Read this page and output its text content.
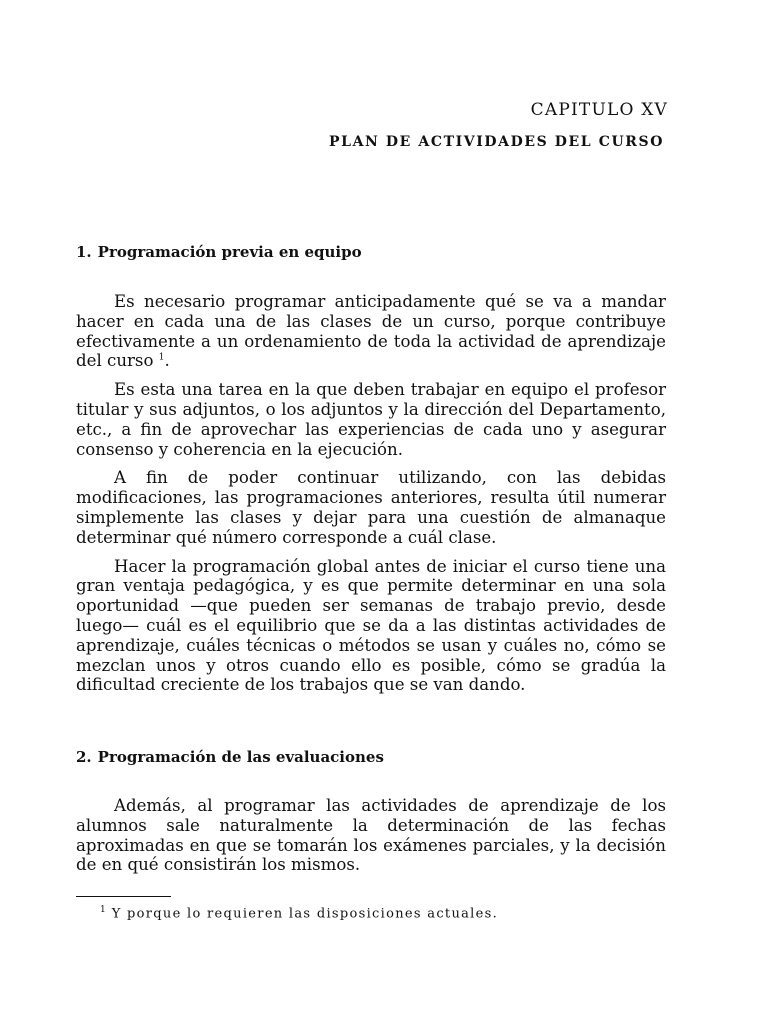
CAPITULO XV
PLAN DE ACTIVIDADES DEL CURSO
1. Programación previa en equipo

Es necesario programar anticipadamente qué se va a mandar hacer en cada una de las clases de un curso, porque contribuye efectivamente a un ordenamiento de toda la actividad de aprendizaje del curso $^1$.

Es esta una tarea en la que deben trabajar en equipo el profesor titular y sus adjuntos, o los adjuntos y la dirección del Departamento, etc., a fin de aprovechar las experiencias de cada uno y asegurar consenso y coherencia en la ejecución.

A fin de poder continuar utilizando, con las debidas modificaciones, las programaciones anteriores, resulta útil numerar simplemente las clases y dejar para una cuestión de almanaque determinar qué número corresponde a cuál clase.

Hacer la programación global antes de iniciar el curso tiene una gran ventaja pedagógica, y es que permite determinar en una sola oportunidad —que pueden ser semanas de trabajo previo, desde luego— cuál es el equilibrio que se da a las distintas actividades de aprendizaje, cuáles técnicas o métodos se usan y cuáles no, cómo se mezclan unos y otros cuando ello es posible, cómo se gradúa la dificultad creciente de los trabajos que se van dando.

2. Programación de las evaluaciones

Además, al programar las actividades de aprendizaje de los alumnos sale naturalmente la determinación de las fechas aproximadas en que se tomarán los exámenes parciales, y la decisión de en qué consistirán los mismos.

$^1$ Y porque lo requieren las disposiciones actuales.
